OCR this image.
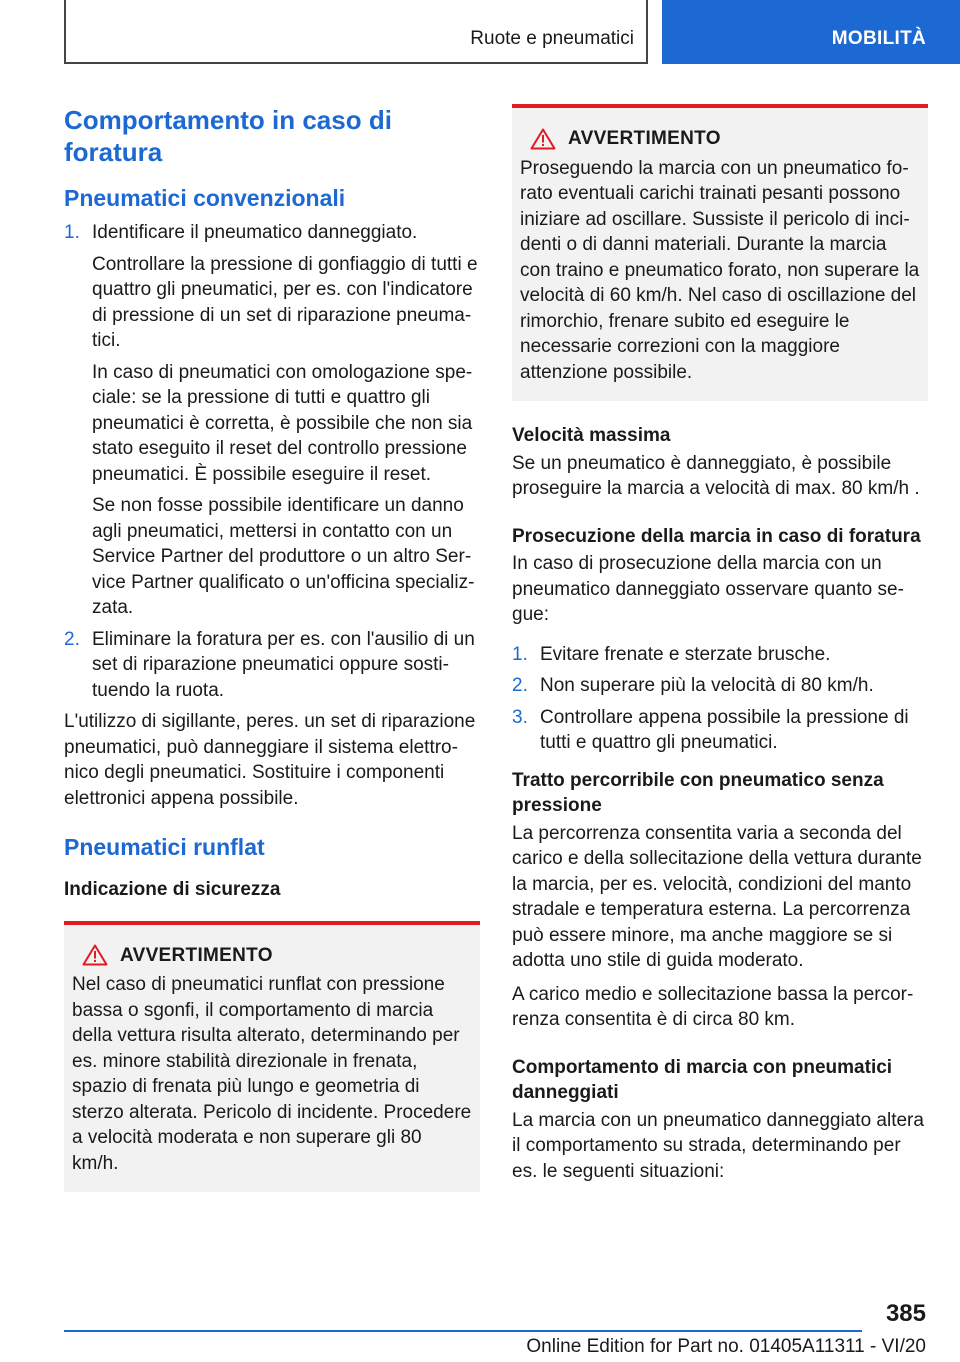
Ruote e pneumatici	MOBILITÀ
Comportamento in caso di foratura
Pneumatici convenzionali
1. Identificare il pneumatico danneggiato.

Controllare la pressione di gonfiaggio di tutti e quattro gli pneumatici, per es. con l'indicatore di pressione di un set di riparazione pneumatici.

In caso di pneumatici con omologazione speciale: se la pressione di tutti e quattro gli pneumatici è corretta, è possibile che non sia stato eseguito il reset del controllo pressione pneumatici. È possibile eseguire il reset.

Se non fosse possibile identificare un danno agli pneumatici, mettersi in contatto con un Service Partner del produttore o un altro Service Partner qualificato o un'officina specializzata.

2. Eliminare la foratura per es. con l'ausilio di un set di riparazione pneumatici oppure sostituendo la ruota.

L'utilizzo di sigillante, peres. un set di riparazione pneumatici, può danneggiare il sistema elettronico degli pneumatici. Sostituire i componenti elettronici appena possibile.

Pneumatici runflat
Indicazione di sicurezza
AVVERTIMENTO

Nel caso di pneumatici runflat con pressione bassa o sgonfi, il comportamento di marcia della vettura risulta alterato, determinando per es. minore stabilità direzionale in frenata, spazio di frenata più lungo e geometria di sterzo alterata. Pericolo di incidente. Procedere a velocità moderata e non superare gli 80 km/h.

AVVERTIMENTO

Proseguendo la marcia con un pneumatico forato eventuali carichi trainati pesanti possono iniziare ad oscillare. Sussiste il pericolo di incidenti o di danni materiali. Durante la marcia con traino e pneumatico forato, non superare la velocità di 60 km/h. Nel caso di oscillazione del rimorchio, frenare subito ed eseguire le necessarie correzioni con la maggiore attenzione possibile.

Velocità massima

Se un pneumatico è danneggiato, è possibile proseguire la marcia a velocità di max. 80 km/h .

Prosecuzione della marcia in caso di foratura

In caso di prosecuzione della marcia con un pneumatico danneggiato osservare quanto segue:

1. Evitare frenate e sterzate brusche.

2. Non superare più la velocità di 80 km/h.

3. Controllare appena possibile la pressione di tutti e quattro gli pneumatici.

Tratto percorribile con pneumatico senza pressione

La percorrenza consentita varia a seconda del carico e della sollecitazione della vettura durante la marcia, per es. velocità, condizioni del manto stradale e temperatura esterna. La percorrenza può essere minore, ma anche maggiore se si adotta uno stile di guida moderato.

A carico medio e sollecitazione bassa la percorrenza consentita è di circa 80 km.

Comportamento di marcia con pneumatici danneggiati

La marcia con un pneumatico danneggiato altera il comportamento su strada, determinando per es. le seguenti situazioni:

385
Online Edition for Part no. 01405A11311 - VI/20
